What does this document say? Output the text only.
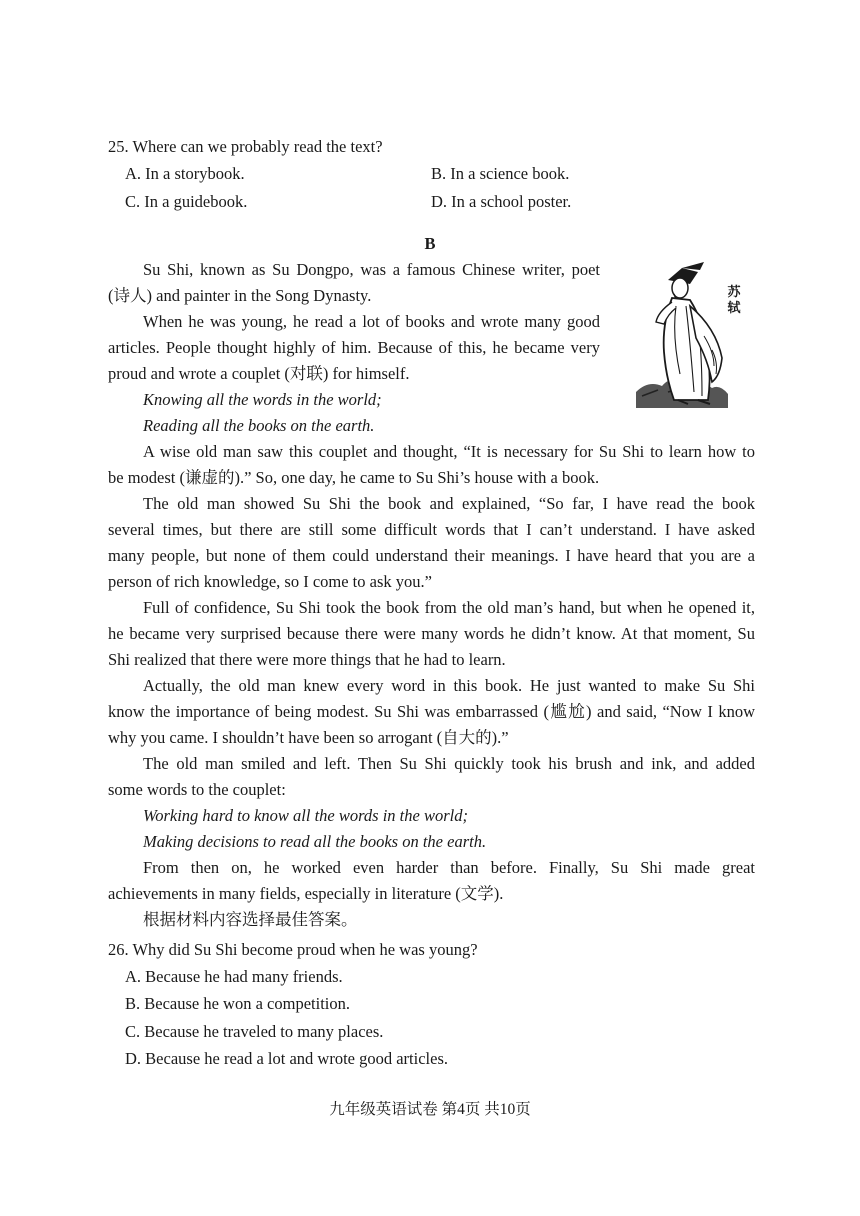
25. Where can we probably read the text?
A. In a storybook.	B. In a science book.
C. In a guidebook.	D. In a school poster.
B
苏轼
Su Shi, known as Su Dongpo, was a famous Chinese writer, poet
(诗人) and painter in the Song Dynasty.
When he was young, he read a lot of books and wrote many good
articles. People thought highly of him. Because of this, he became very
proud and wrote a couplet (对联) for himself.
Knowing all the words in the world;
Reading all the books on the earth.
A wise old man saw this couplet and thought, “It is necessary for Su Shi to learn how to
be modest (谦虚的).” So, one day, he came to Su Shi’s house with a book.
The old man showed Su Shi the book and explained, “So far, I have read the book
several times, but there are still some difficult words that I can’t understand. I have asked
many people, but none of them could understand their meanings. I have heard that you are a
person of rich knowledge, so I come to ask you.”
Full of confidence, Su Shi took the book from the old man’s hand, but when he opened it,
he became very surprised because there were many words he didn’t know. At that moment, Su
Shi realized that there were more things that he had to learn.
Actually, the old man knew every word in this book. He just wanted to make Su Shi
know the importance of being modest. Su Shi was embarrassed (尴尬) and said, “Now I know
why you came. I shouldn’t have been so arrogant (自大的).”
The old man smiled and left. Then Su Shi quickly took his brush and ink, and added
some words to the couplet:
Working hard to know all the words in the world;
Making decisions to read all the books on the earth.
From then on, he worked even harder than before. Finally, Su Shi made great
achievements in many fields, especially in literature (文学).
根据材料内容选择最佳答案。
26. Why did Su Shi become proud when he was young?
A. Because he had many friends.
B. Because he won a competition.
C. Because he traveled to many places.
D. Because he read a lot and wrote good articles.
九年级英语试卷 第4页 共10页
